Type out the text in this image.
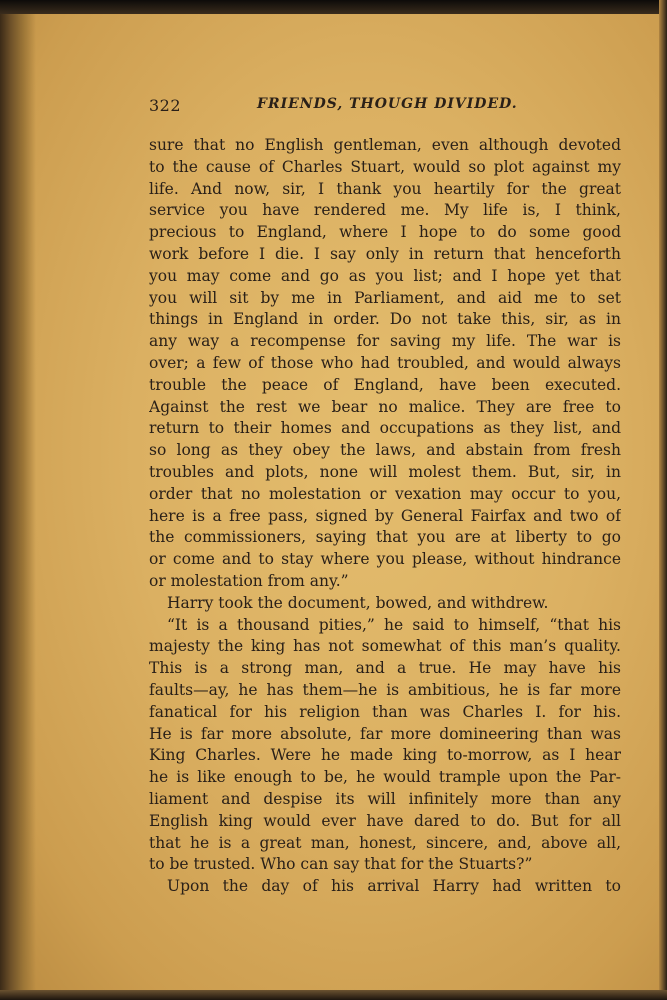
322	FRIENDS, THOUGH DIVIDED.
sure that no English gentleman, even although devoted
to the cause of Charles Stuart, would so plot against my
life. And now, sir, I thank you heartily for the great
service you have rendered me. My life is, I think,
precious to England, where I hope to do some good
work before I die. I say only in return that henceforth
you may come and go as you list; and I hope yet that
you will sit by me in Parliament, and aid me to set
things in England in order. Do not take this, sir, as in
any way a recompense for saving my life. The war is
over; a few of those who had troubled, and would always
trouble the peace of England, have been executed.
Against the rest we bear no malice. They are free to
return to their homes and occupations as they list, and
so long as they obey the laws, and abstain from fresh
troubles and plots, none will molest them. But, sir, in
order that no molestation or vexation may occur to you,
here is a free pass, signed by General Fairfax and two of
the commissioners, saying that you are at liberty to go
or come and to stay where you please, without hindrance
or molestation from any.”
Harry took the document, bowed, and withdrew.
“It is a thousand pities,” he said to himself, “that his
majesty the king has not somewhat of this man’s quality.
This is a strong man, and a true. He may have his
faults—ay, he has them—he is ambitious, he is far more
fanatical for his religion than was Charles I. for his.
He is far more absolute, far more domineering than was
King Charles. Were he made king to-morrow, as I hear
he is like enough to be, he would trample upon the Par-
liament and despise its will infinitely more than any
English king would ever have dared to do. But for all
that he is a great man, honest, sincere, and, above all,
to be trusted. Who can say that for the Stuarts?”
Upon the day of his arrival Harry had written to
